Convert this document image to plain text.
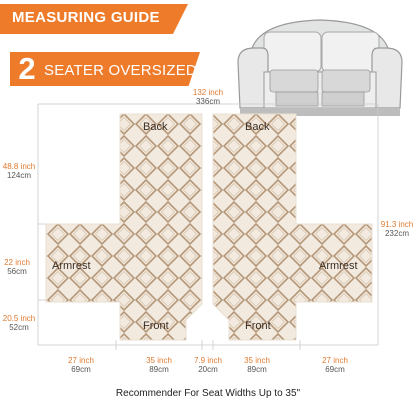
MEASURING GUIDE
2 SEATER OVERSIZED
Back	Back
Armrest	Armrest
Front	Front
132 inch
336cm
48.8 inch
124cm
22 inch
56cm
20.5 inch
52cm
91.3 inch
232cm
27 inch
69cm
35 inch
89cm
7.9 inch
20cm
35 inch
89cm
27 inch
69cm
Recommender For Seat Widths Up to 35"
